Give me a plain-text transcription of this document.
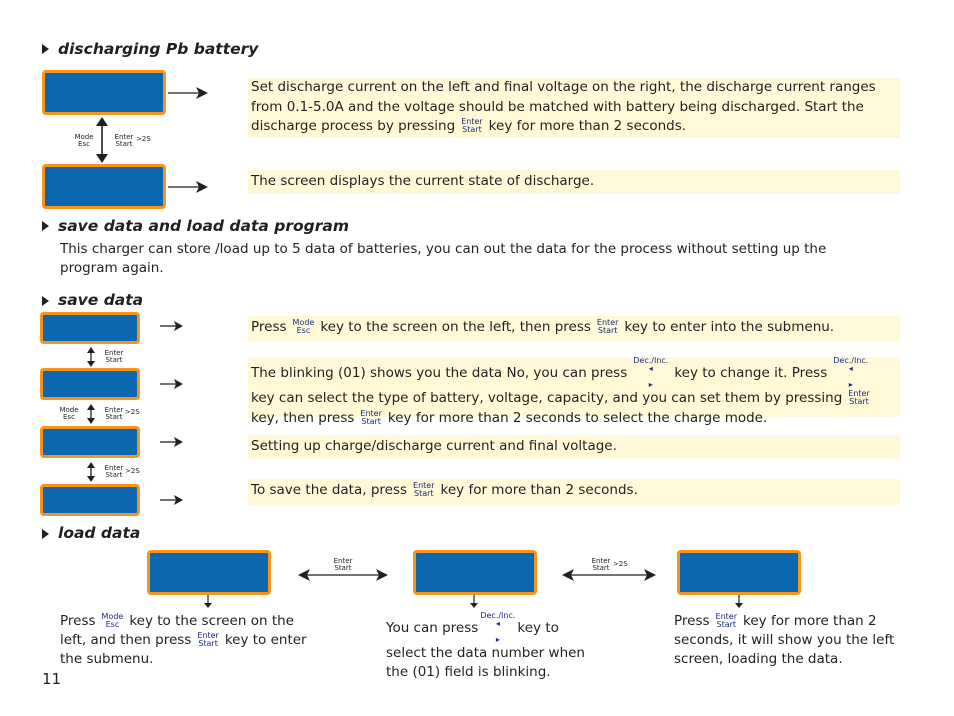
discharging Pb battery
Mode
Esc
Enter
Start
>2S

Set discharge current on the left and final voltage on the right, the discharge current ranges

from 0.1-5.0A and the voltage should be matched with battery being discharged. Start the

discharge process by pressing Enter
Start key for more than 2 seconds.

The screen displays the current state of discharge.

save data and load data program
This charger can store /load up to 5 data of batteries, you can out the data for the process without setting up the
program again.
save data
Enter
Start
Mode
Esc
Enter
Start
>2S
Enter
Start >2S

Press Mode
Esc key to the screen on the left, then press Enter
Start key to enter into the submenu.

The blinking (01) shows you the data No, you can press
Dec./Inc.
◂

▸
key to change it. Press
Dec./Inc.
◂

▸

key can select the type of battery, voltage, capacity, and you can set them by pressing Enter
Start

key, then press Enter
Start key for more than 2 seconds to select the charge mode.

Setting up charge/discharge current and final voltage.

To save the data, press Enter
Start key for more than 2 seconds.

load data
Enter
Start
Enter
Start >2S
Press Mode
Esc key to the screen on the
left, and then press Enter
Start key to enter
the submenu.
You can press
Dec./Inc.
◂

▸
key to
select the data number when
the (01) field is blinking.
Press Enter
Start key for more than 2
seconds, it will show you the left
screen, loading the data.
11
